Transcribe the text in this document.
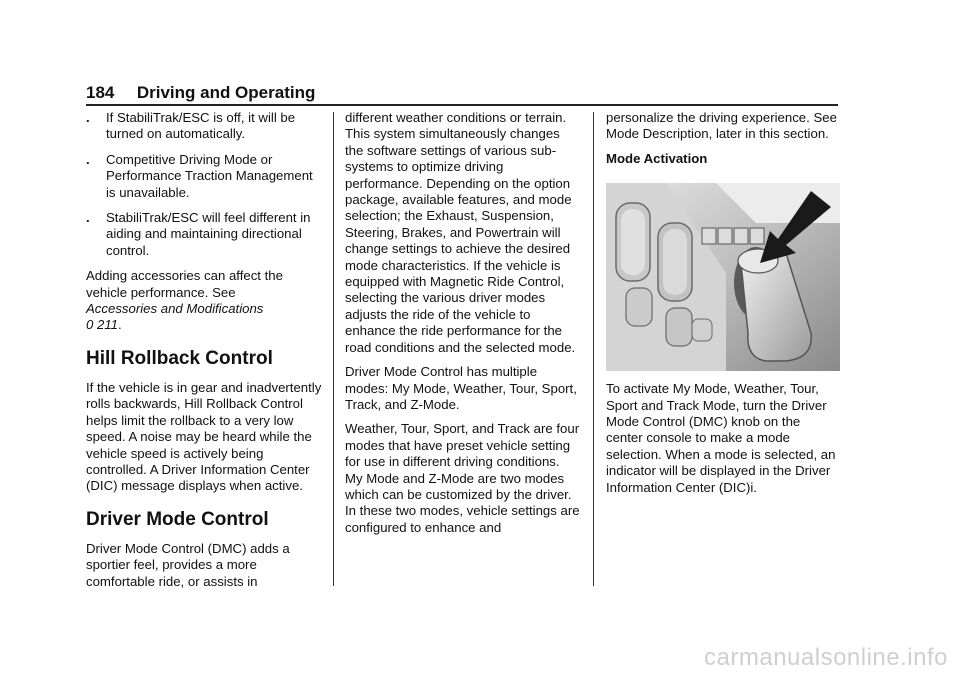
184 Driving and Operating
.	If StabiliTrak/ESC is off, it will be turned on automatically.
.	Competitive Driving Mode or Performance Traction Management is unavailable.
.	StabiliTrak/ESC will feel different in aiding and maintaining directional control.

Adding accessories can affect the vehicle performance. See
Accessories and Modifications
0 211.

Hill Rollback Control

If the vehicle is in gear and inadvertently rolls backwards, Hill Rollback Control helps limit the rollback to a very low speed. A noise may be heard while the vehicle speed is actively being controlled. A Driver Information Center (DIC) message displays when active.

Driver Mode Control

Driver Mode Control (DMC) adds a sportier feel, provides a more comfortable ride, or assists in

different weather conditions or terrain. This system simultaneously changes the software settings of various sub-systems to optimize driving performance. Depending on the option package, available features, and mode selection; the Exhaust, Suspension, Steering, Brakes, and Powertrain will change settings to achieve the desired mode characteristics. If the vehicle is equipped with Magnetic Ride Control, selecting the various driver modes adjusts the ride of the vehicle to enhance the ride performance for the road conditions and the selected mode.

Driver Mode Control has multiple modes: My Mode, Weather, Tour, Sport, Track, and Z-Mode.

Weather, Tour, Sport, and Track are four modes that have preset vehicle setting for use in different driving conditions. My Mode and Z-Mode are two modes which can be customized by the driver. In these two modes, vehicle settings are configured to enhance and

personalize the driving experience. See Mode Description, later in this section.

Mode Activation

To activate My Mode, Weather, Tour, Sport and Track Mode, turn the Driver Mode Control (DMC) knob on the center console to make a mode selection. When a mode is selected, an indicator will be displayed in the Driver Information Center (DIC)i.

carmanualsonline.info
